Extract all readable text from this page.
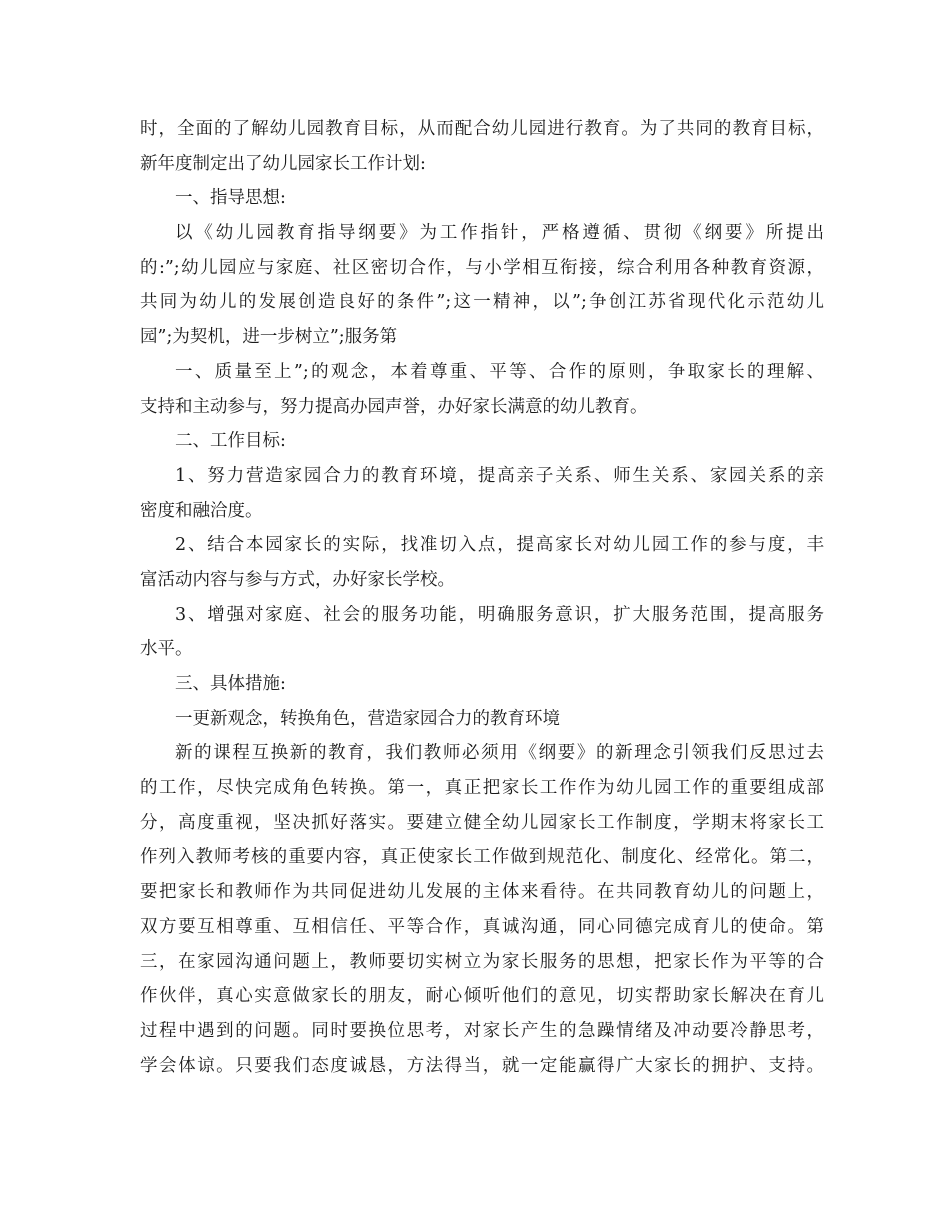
时，全面的了解幼儿园教育目标，从而配合幼儿园进行教育。为了共同的教育目标，
新年度制定出了幼儿园家长工作计划:
一、指导思想:
以《幼儿园教育指导纲要》为工作指针，严格遵循、贯彻《纲要》所提出
的:”;幼儿园应与家庭、社区密切合作，与小学相互衔接，综合利用各种教育资源，
共同为幼儿的发展创造良好的条件”;这一精神，以”;争创江苏省现代化示范幼儿
园”;为契机，进一步树立”;服务第
一、质量至上”;的观念，本着尊重、平等、合作的原则，争取家长的理解、
支持和主动参与，努力提高办园声誉，办好家长满意的幼儿教育。
二、工作目标:
1、努力营造家园合力的教育环境，提高亲子关系、师生关系、家园关系的亲
密度和融洽度。
2、结合本园家长的实际，找准切入点，提高家长对幼儿园工作的参与度，丰
富活动内容与参与方式，办好家长学校。
3、增强对家庭、社会的服务功能，明确服务意识，扩大服务范围，提高服务
水平。
三、具体措施:
一更新观念，转换角色，营造家园合力的教育环境
新的课程互换新的教育，我们教师必须用《纲要》的新理念引领我们反思过去
的工作，尽快完成角色转换。第一，真正把家长工作作为幼儿园工作的重要组成部
分，高度重视，坚决抓好落实。要建立健全幼儿园家长工作制度，学期末将家长工
作列入教师考核的重要内容，真正使家长工作做到规范化、制度化、经常化。第二，
要把家长和教师作为共同促进幼儿发展的主体来看待。在共同教育幼儿的问题上，
双方要互相尊重、互相信任、平等合作，真诚沟通，同心同德完成育儿的使命。第
三，在家园沟通问题上，教师要切实树立为家长服务的思想，把家长作为平等的合
作伙伴，真心实意做家长的朋友，耐心倾听他们的意见，切实帮助家长解决在育儿
过程中遇到的问题。同时要换位思考，对家长产生的急躁情绪及冲动要冷静思考，
学会体谅。只要我们态度诚恳，方法得当，就一定能赢得广大家长的拥护、支持。
